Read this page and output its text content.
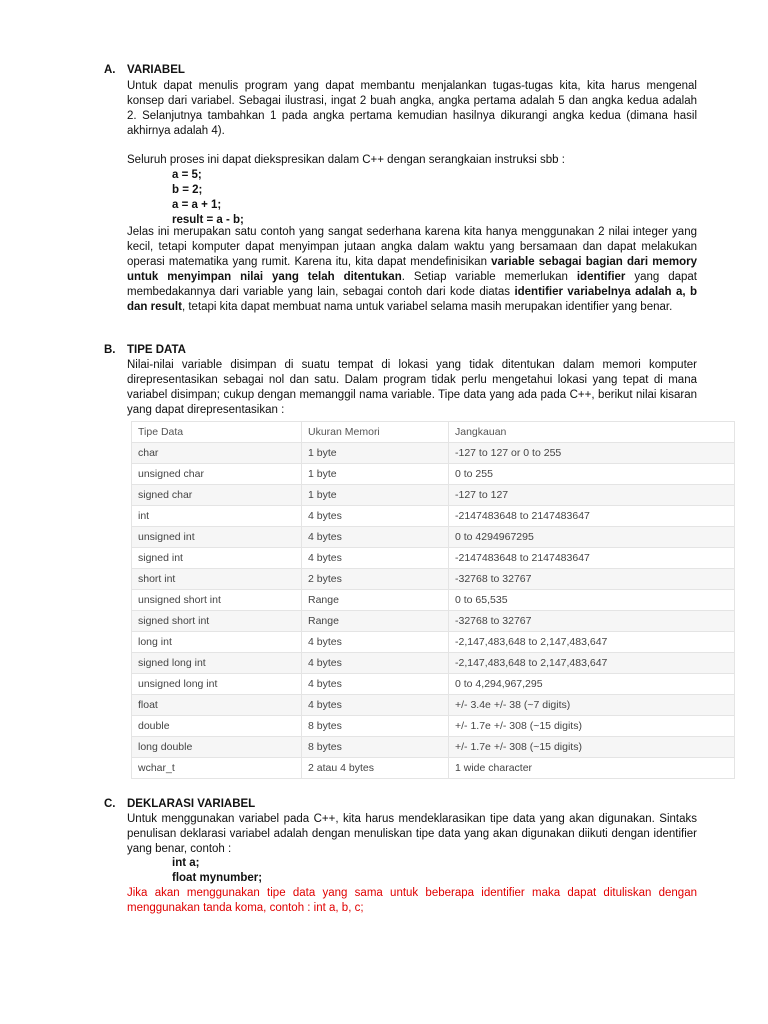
A. VARIABEL
Untuk dapat menulis program yang dapat membantu menjalankan tugas-tugas kita, kita harus mengenal konsep dari variabel. Sebagai ilustrasi, ingat 2 buah angka, angka pertama adalah 5 dan angka kedua adalah 2. Selanjutnya tambahkan 1 pada angka pertama kemudian hasilnya dikurangi angka kedua (dimana hasil akhirnya adalah 4).
Seluruh proses ini dapat diekspresikan dalam C++ dengan serangkaian instruksi sbb :
a = 5;
b = 2;
a = a + 1;
result = a - b;
Jelas ini merupakan satu contoh yang sangat sederhana karena kita hanya menggunakan 2 nilai integer yang kecil, tetapi komputer dapat menyimpan jutaan angka dalam waktu yang bersamaan dan dapat melakukan operasi matematika yang rumit. Karena itu, kita dapat mendefinisikan variable sebagai bagian dari memory untuk menyimpan nilai yang telah ditentukan. Setiap variable memerlukan identifier yang dapat membedakannya dari variable yang lain, sebagai contoh dari kode diatas identifier variabelnya adalah a, b dan result, tetapi kita dapat membuat nama untuk variabel selama masih merupakan identifier yang benar.
B. TIPE DATA
Nilai-nilai variable disimpan di suatu tempat di lokasi yang tidak ditentukan dalam memori komputer direpresentasikan sebagai nol dan satu. Dalam program tidak perlu mengetahui lokasi yang tepat di mana variabel disimpan; cukup dengan memanggil nama variable. Tipe data yang ada pada C++, berikut nilai kisaran yang dapat direpresentasikan :
Tipe Data	Ukuran Memori	Jangkauan
char	1 byte	-127 to 127 or 0 to 255
unsigned char	1 byte	0 to 255
signed char	1 byte	-127 to 127
int	4 bytes	-2147483648 to 2147483647
unsigned int	4 bytes	0 to 4294967295
signed int	4 bytes	-2147483648 to 2147483647
short int	2 bytes	-32768 to 32767
unsigned short int	Range	0 to 65,535
signed short int	Range	-32768 to 32767
long int	4 bytes	-2,147,483,648 to 2,147,483,647
signed long int	4 bytes	-2,147,483,648 to 2,147,483,647
unsigned long int	4 bytes	0 to 4,294,967,295
float	4 bytes	+/- 3.4e +/- 38 (~7 digits)
double	8 bytes	+/- 1.7e +/- 308 (~15 digits)
long double	8 bytes	+/- 1.7e +/- 308 (~15 digits)
wchar_t	2 atau 4 bytes	1 wide character
C. DEKLARASI VARIABEL
Untuk menggunakan variabel pada C++, kita harus mendeklarasikan tipe data yang akan digunakan. Sintaks penulisan deklarasi variabel adalah dengan menuliskan tipe data yang akan digunakan diikuti dengan identifier yang benar, contoh :
int a;
float mynumber;
Jika akan menggunakan tipe data yang sama untuk beberapa identifier maka dapat dituliskan dengan menggunakan tanda koma, contoh : int a, b, c;
